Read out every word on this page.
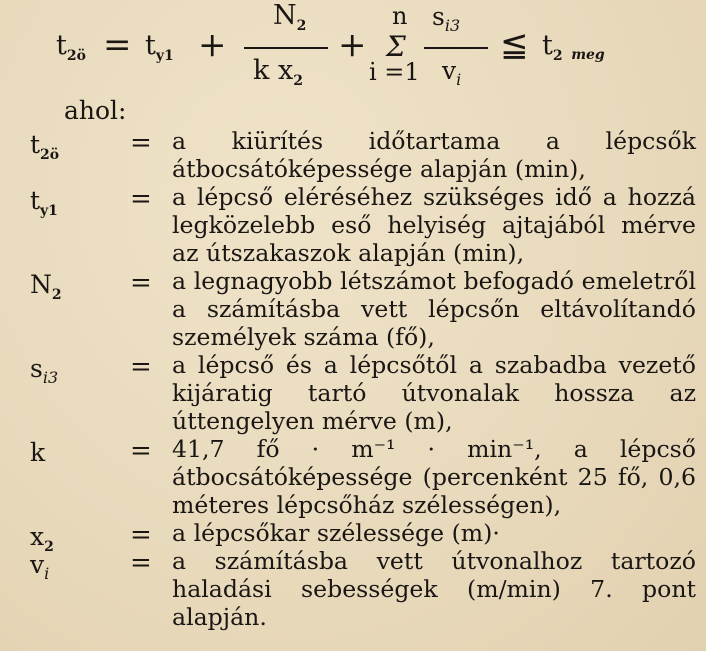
$t_{2ö} = t_{y1}$ +
$N_2$
k $x_2$
+
n
Σ
i =1
$s_{i3}$
$v_i$
≦ $t_2$ meg
ahol:
$t_{2ö}$	= a kiürítés időtartama a lépcsők átbocsátóképessége alapján (min),
$t_{y1}$	= a lépcső eléréséhez szükséges idő a hozzá legközelebb eső helyiség ajtajából mérve az útszakaszok alapján (min),
$N_2$	= a legnagyobb létszámot befogadó emeletről a számításba vett lépcsőn eltávolítandó személyek száma (fő),
$s_{i3}$	= a lépcső és a lépcsőtől a szabadba vezető kijáratig tartó útvonalak hossza az úttengelyen mérve (m),
k	= 41,7 fő · m⁻¹ · min⁻¹, a lépcső átbocsátóképessége (percenként 25 fő, 0,6 méteres lépcsőház szélességen),
$x_2$	= a lépcsőkar szélessége (m)·
$v_i$	= a számításba vett útvonalhoz tartozó haladási sebességek (m/min) 7. pont alapján.
